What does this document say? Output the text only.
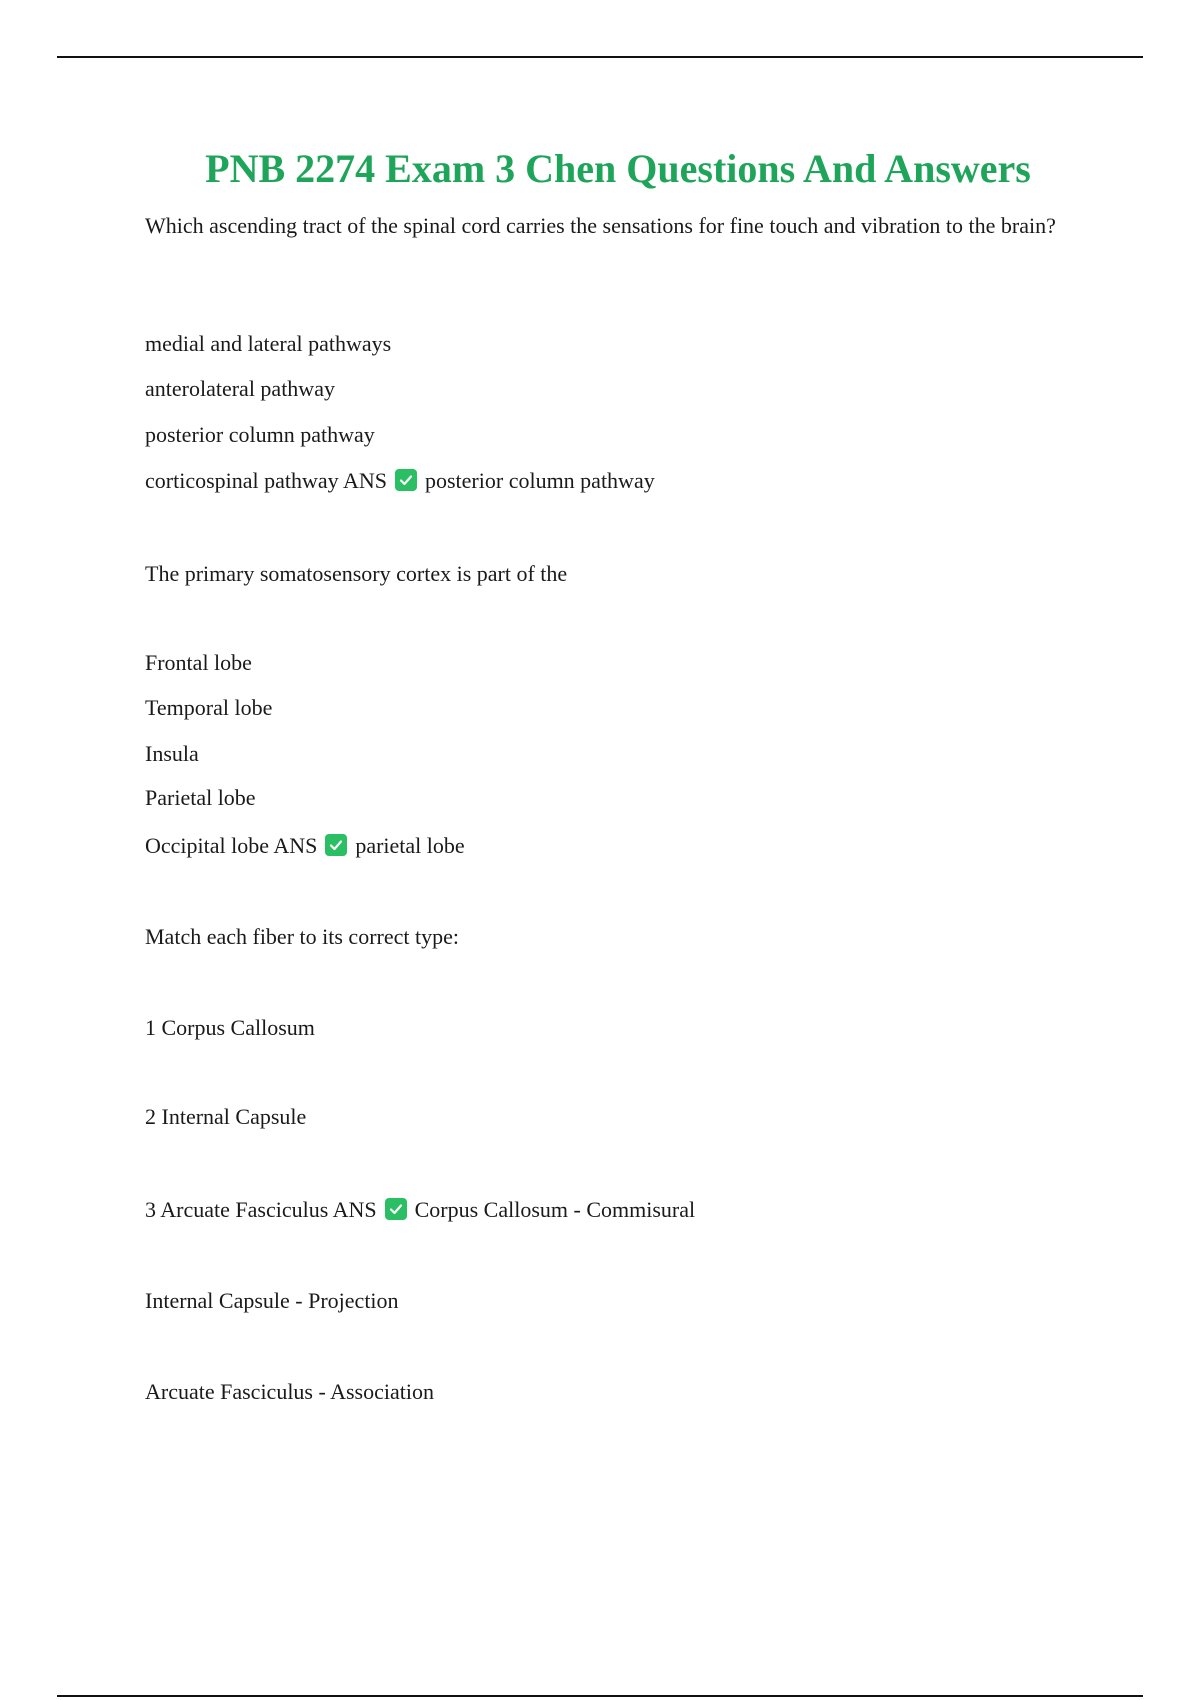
PNB 2274 Exam 3 Chen Questions And Answers
Which ascending tract of the spinal cord carries the sensations for fine touch and vibration to the brain?
medial and lateral pathways
anterolateral pathway
posterior column pathway
corticospinal pathway ANS posterior column pathway
The primary somatosensory cortex is part of the
Frontal lobe
Temporal lobe
Insula
Parietal lobe
Occipital lobe ANS parietal lobe
Match each fiber to its correct type:
1 Corpus Callosum
2 Internal Capsule
3 Arcuate Fasciculus ANS Corpus Callosum - Commisural
Internal Capsule - Projection
Arcuate Fasciculus - Association
